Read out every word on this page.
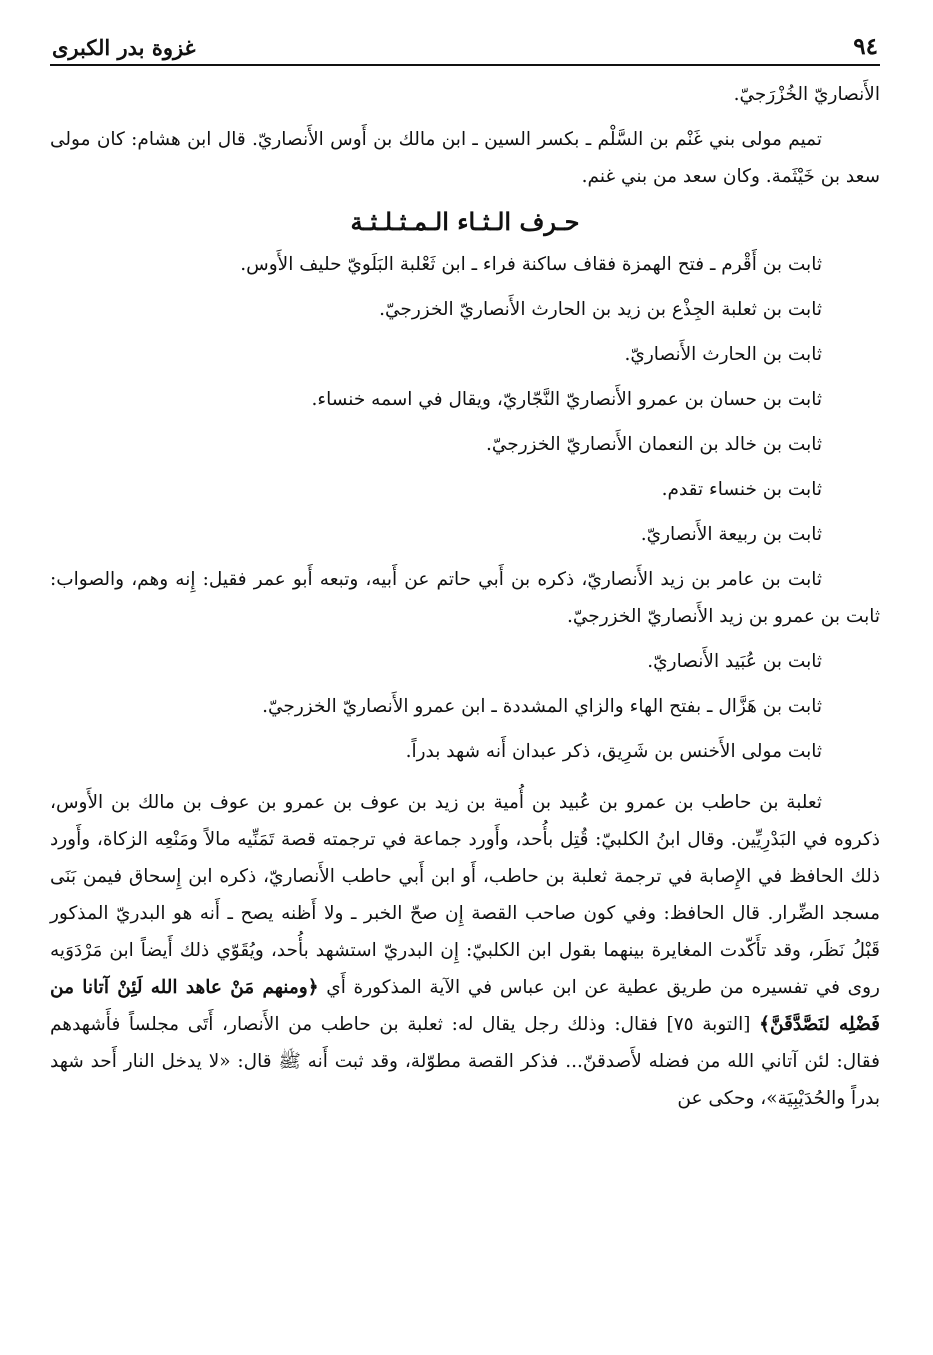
٩٤
غزوة بدر الكبرى

الأَنصاريّ الخُزْرَجيّ.

تميم مولى بني غَنْم بن السَّلْم ـ بكسر السين ـ ابن مالك بن أَوس الأَنصاريّ. قال ابن هشام: كان مولى سعد بن خَيْثَمة. وكان سعد من بني غنم.

حـرف الـثـاء الـمـثـلـثـة

ثابت بن أَقْرم ـ فتح الهمزة فقاف ساكنة فراء ـ ابن ثَعْلبة البَلَويّ حليف الأَوس.

ثابت بن ثعلبة الجِذْع بن زيد بن الحارث الأَنصاريّ الخزرجيّ.

ثابت بن الحارث الأَنصاريّ.

ثابت بن حسان بن عمرو الأَنصاريّ النَّجّاريّ، ويقال في اسمه خنساء.

ثابت بن خالد بن النعمان الأَنصاريّ الخزرجيّ.

ثابت بن خنساء تقدم.

ثابت بن ربيعة الأَنصاريّ.

ثابت بن عامر بن زيد الأَنصاريّ، ذكره بن أَبي حاتم عن أَبيه، وتبعه أَبو عمر فقيل: إِنه وهم، والصواب: ثابت بن عمرو بن زيد الأَنصاريّ الخزرجيّ.

ثابت بن عُبَيد الأَنصاريّ.

ثابت بن هَزَّال ـ بفتح الهاء والزاي المشددة ـ ابن عمرو الأَنصاريّ الخزرجيّ.

ثابت مولى الأَخنس بن شَرِيق، ذكر عبدان أَنه شهد بدراً.

ثعلبة بن حاطب بن عمرو بن عُبيد بن أُمية بن زيد بن عوف بن عمرو بن عوف بن مالك بن الأَوس، ذكروه في البَدْرِيِّين. وقال ابنُ الكلبيّ: قُتِل بأُحد، وأَورد جماعة في ترجمته قصة تَمَنِّيه مالاً ومَنْعِه الزكاة، وأَورد ذلك الحافظ في الإِصابة في ترجمة ثعلبة بن حاطب، أَو ابن أَبي حاطب الأَنصاريّ، ذكره ابن إِسحاق فيمن بَنَى مسجد الضِّرار. قال الحافظ: وفي كون صاحب القصة إِن صحّ الخبر ـ ولا أَظنه يصح ـ أَنه هو البدريّ المذكور قَبْلُ نَظَر، وقد تأَكّدت المغايرة بينهما بقول ابن الكلبيّ: إِن البدريّ استشهد بأُحد، ويُقَوّي ذلك أَيضاً ابن مَرْدَوَيه روى في تفسيره من طريق عطية عن ابن عباس في الآية المذكورة أَي ﴿ومنهم مَنْ عاهد الله لَئِنْ آتانا من فَضْلِه لنَصَّدَّقَنَّ﴾ [التوبة ٧٥] فقال: وذلك رجل يقال له: ثعلبة بن حاطب من الأَنصار، أَتَى مجلساً فأَشهدهم فقال: لئن آتاني الله من فضله لأَصدقنّ... فذكر القصة مطوّلة، وقد ثبت أَنه ﷺ قال: «لا يدخل النار أَحد شهد بدراً والحُدَيْبِيَة»، وحكى عن
